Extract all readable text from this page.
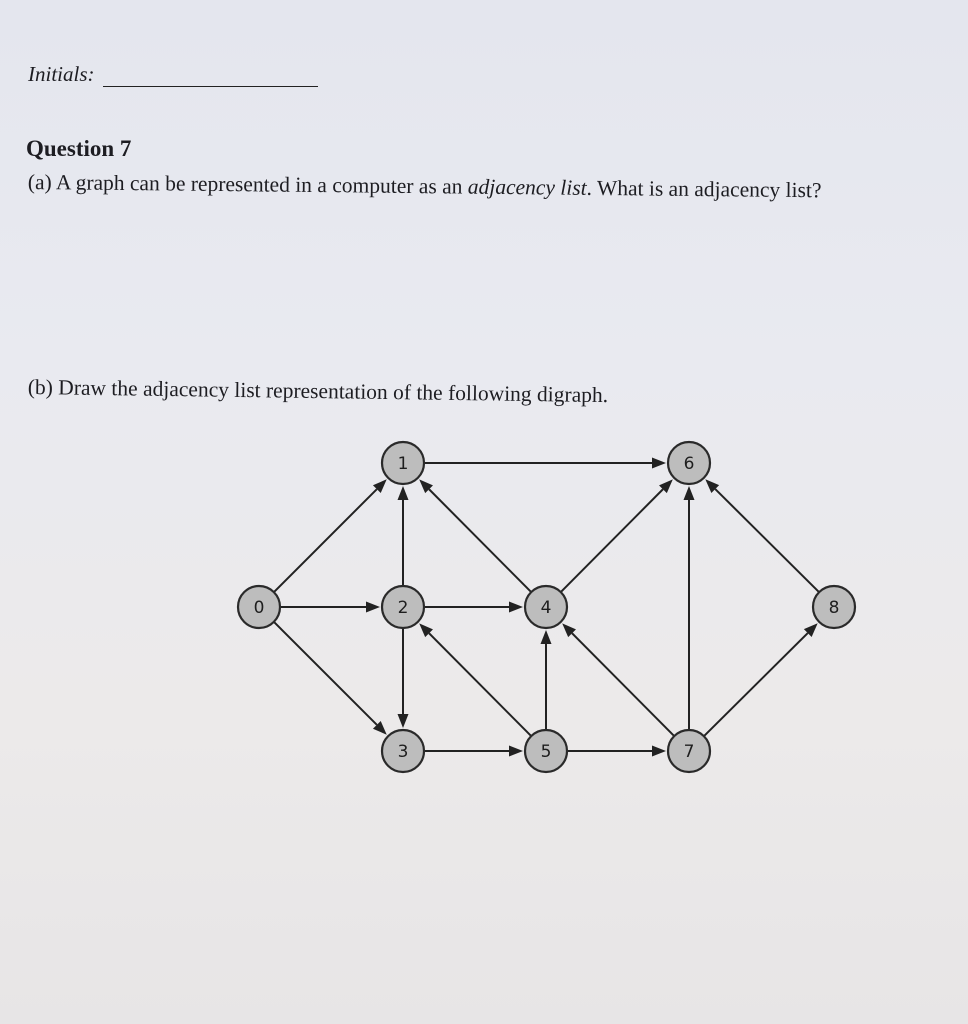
Initials:
Question 7
(a) A graph can be represented in a computer as an adjacency list. What is an adjacency list?
(b) Draw the adjacency list representation of the following digraph.
0
1
2
3
4
5
6
7
8
